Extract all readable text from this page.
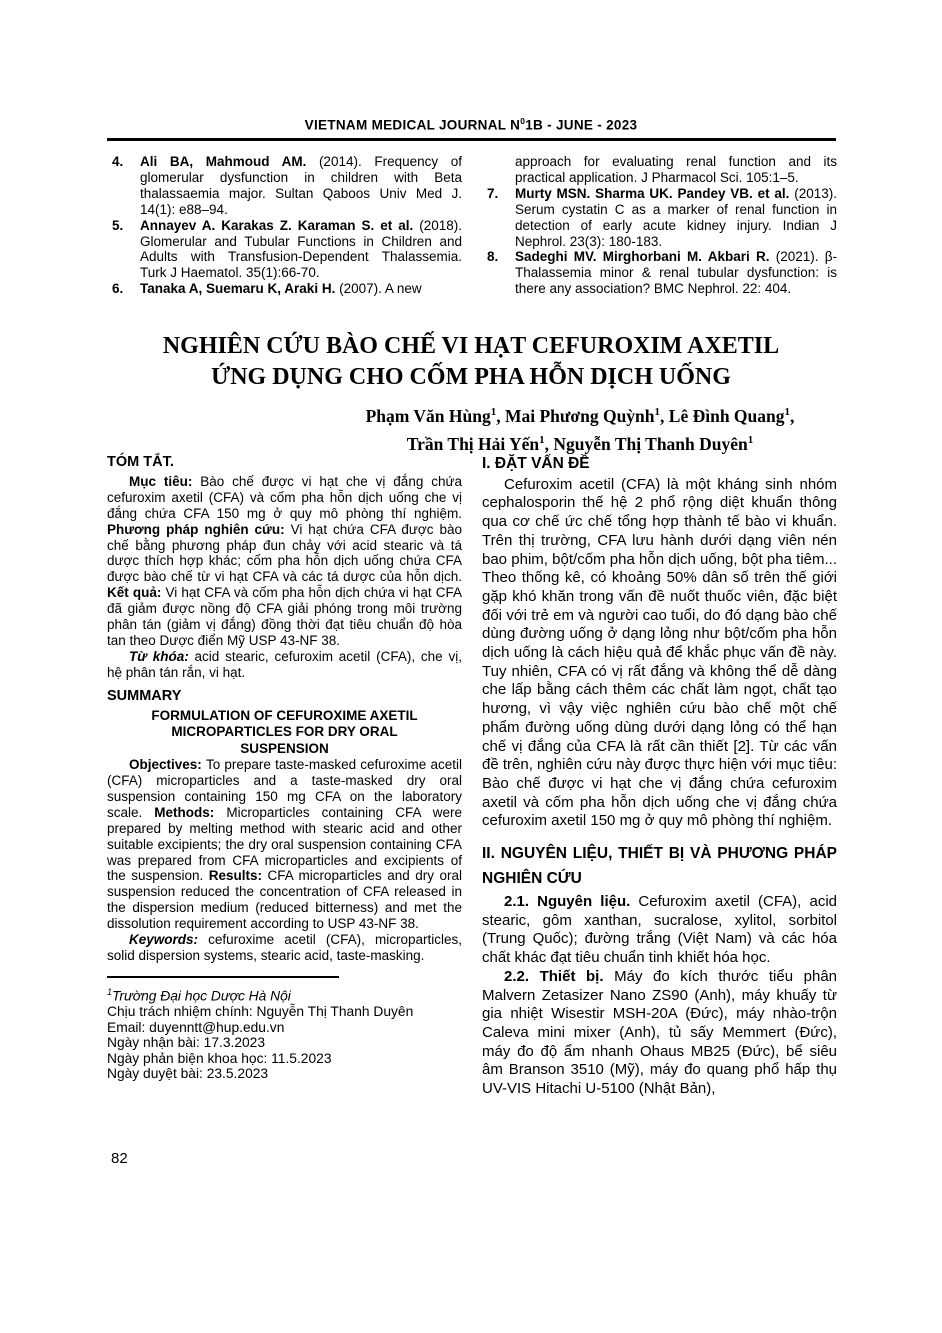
VIETNAM MEDICAL JOURNAL $N^01B$ - JUNE - 2023
4. Ali BA, Mahmoud AM. (2014). Frequency of glomerular dysfunction in children with Beta thalassaemia major. Sultan Qaboos Univ Med J. 14(1): e88–94.
5. Annayev A. Karakas Z. Karaman S. et al. (2018). Glomerular and Tubular Functions in Children and Adults with Transfusion-Dependent Thalassemia. Turk J Haematol. 35(1):66-70.
6. Tanaka A, Suemaru K, Araki H. (2007). A new
approach for evaluating renal function and its practical application. J Pharmacol Sci. 105:1–5.
7. Murty MSN. Sharma UK. Pandey VB. et al. (2013). Serum cystatin C as a marker of renal function in detection of early acute kidney injury. Indian J Nephrol. 23(3): 180-183.
8. Sadeghi MV. Mirghorbani M. Akbari R. (2021). β-Thalassemia minor & renal tubular dysfunction: is there any association? BMC Nephrol. 22: 404.
NGHIÊN CỨU BÀO CHẾ VI HẠT CEFUROXIM AXETIL
ỨNG DỤNG CHO CỐM PHA HỖN DỊCH UỐNG
Phạm Văn Hùng$^1$, Mai Phương Quỳnh$^1$, Lê Đình Quang$^1$,
Trần Thị Hải Yến$^1$, Nguyễn Thị Thanh Duyên$^1$
TÓM TẮT.

Mục tiêu: Bào chế được vi hạt che vị đắng chứa cefuroxim axetil (CFA) và cốm pha hỗn dịch uống che vị đắng chứa CFA 150 mg ở quy mô phòng thí nghiệm. Phương pháp nghiên cứu: Vi hạt chứa CFA được bào chế bằng phương pháp đun chảy với acid stearic và tá dược thích hợp khác; cốm pha hỗn dịch uống chứa CFA được bào chế từ vi hạt CFA và các tá dược của hỗn dịch. Kết quả: Vi hạt CFA và cốm pha hỗn dịch chứa vi hạt CFA đã giảm được nồng độ CFA giải phóng trong môi trường phân tán (giảm vị đắng) đồng thời đạt tiêu chuẩn độ hòa tan theo Dược điển Mỹ USP 43-NF 38.

Từ khóa: acid stearic, cefuroxim acetil (CFA), che vị, hệ phân tán rắn, vi hạt.

SUMMARY
FORMULATION OF CEFUROXIME AXETIL MICROPARTICLES FOR DRY ORAL SUSPENSION

Objectives: To prepare taste-masked cefuroxime acetil (CFA) microparticles and a taste-masked dry oral suspension containing 150 mg CFA on the laboratory scale. Methods: Microparticles containing CFA were prepared by melting method with stearic acid and other suitable excipients; the dry oral suspension containing CFA was prepared from CFA microparticles and excipients of the suspension. Results: CFA microparticles and dry oral suspension reduced the concentration of CFA released in the dispersion medium (reduced bitterness) and met the dissolution requirement according to USP 43-NF 38.

Keywords: cefuroxime acetil (CFA), microparticles, solid dispersion systems, stearic acid, taste-masking.

$^1$Trường Đại học Dược Hà Nội
Chịu trách nhiệm chính: Nguyễn Thị Thanh Duyên
Email: duyenntt@hup.edu.vn
Ngày nhận bài: 17.3.2023
Ngày phản biện khoa học: 11.5.2023
Ngày duyệt bài: 23.5.2023
I. ĐẶT VẤN ĐỀ

Cefuroxim acetil (CFA) là một kháng sinh nhóm cephalosporin thế hệ 2 phổ rộng diệt khuẩn thông qua cơ chế ức chế tổng hợp thành tế bào vi khuẩn. Trên thị trường, CFA lưu hành dưới dạng viên nén bao phim, bột/cốm pha hỗn dịch uống, bột pha tiêm... Theo thống kê, có khoảng 50% dân số trên thế giới gặp khó khăn trong vấn đề nuốt thuốc viên, đặc biệt đối với trẻ em và người cao tuổi, do đó dạng bào chế dùng đường uống ở dạng lỏng như bột/cốm pha hỗn dịch uống là cách hiệu quả để khắc phục vấn đề này. Tuy nhiên, CFA có vị rất đắng và không thể dễ dàng che lấp bằng cách thêm các chất làm ngọt, chất tạo hương, vì vậy việc nghiên cứu bào chế một chế phẩm đường uống dùng dưới dạng lỏng có thể hạn chế vị đắng của CFA là rất cần thiết [2]. Từ các vấn đề trên, nghiên cứu này được thực hiện với mục tiêu: Bào chế được vi hạt che vị đắng chứa cefuroxim axetil và cốm pha hỗn dịch uống che vị đắng chứa cefuroxim axetil 150 mg ở quy mô phòng thí nghiệm.

II. NGUYÊN LIỆU, THIẾT BỊ VÀ PHƯƠNG PHÁP NGHIÊN CỨU

2.1. Nguyên liệu. Cefuroxim axetil (CFA), acid stearic, gôm xanthan, sucralose, xylitol, sorbitol (Trung Quốc); đường trắng (Việt Nam) và các hóa chất khác đạt tiêu chuẩn tinh khiết hóa học.

2.2. Thiết bị. Máy đo kích thước tiểu phân Malvern Zetasizer Nano ZS90 (Anh), máy khuấy từ gia nhiệt Wisestir MSH-20A (Đức), máy nhào-trộn Caleva mini mixer (Anh), tủ sấy Memmert (Đức), máy đo độ ẩm nhanh Ohaus MB25 (Đức), bể siêu âm Branson 3510 (Mỹ), máy đo quang phổ hấp thụ UV-VIS Hitachi U-5100 (Nhật Bản),

82
